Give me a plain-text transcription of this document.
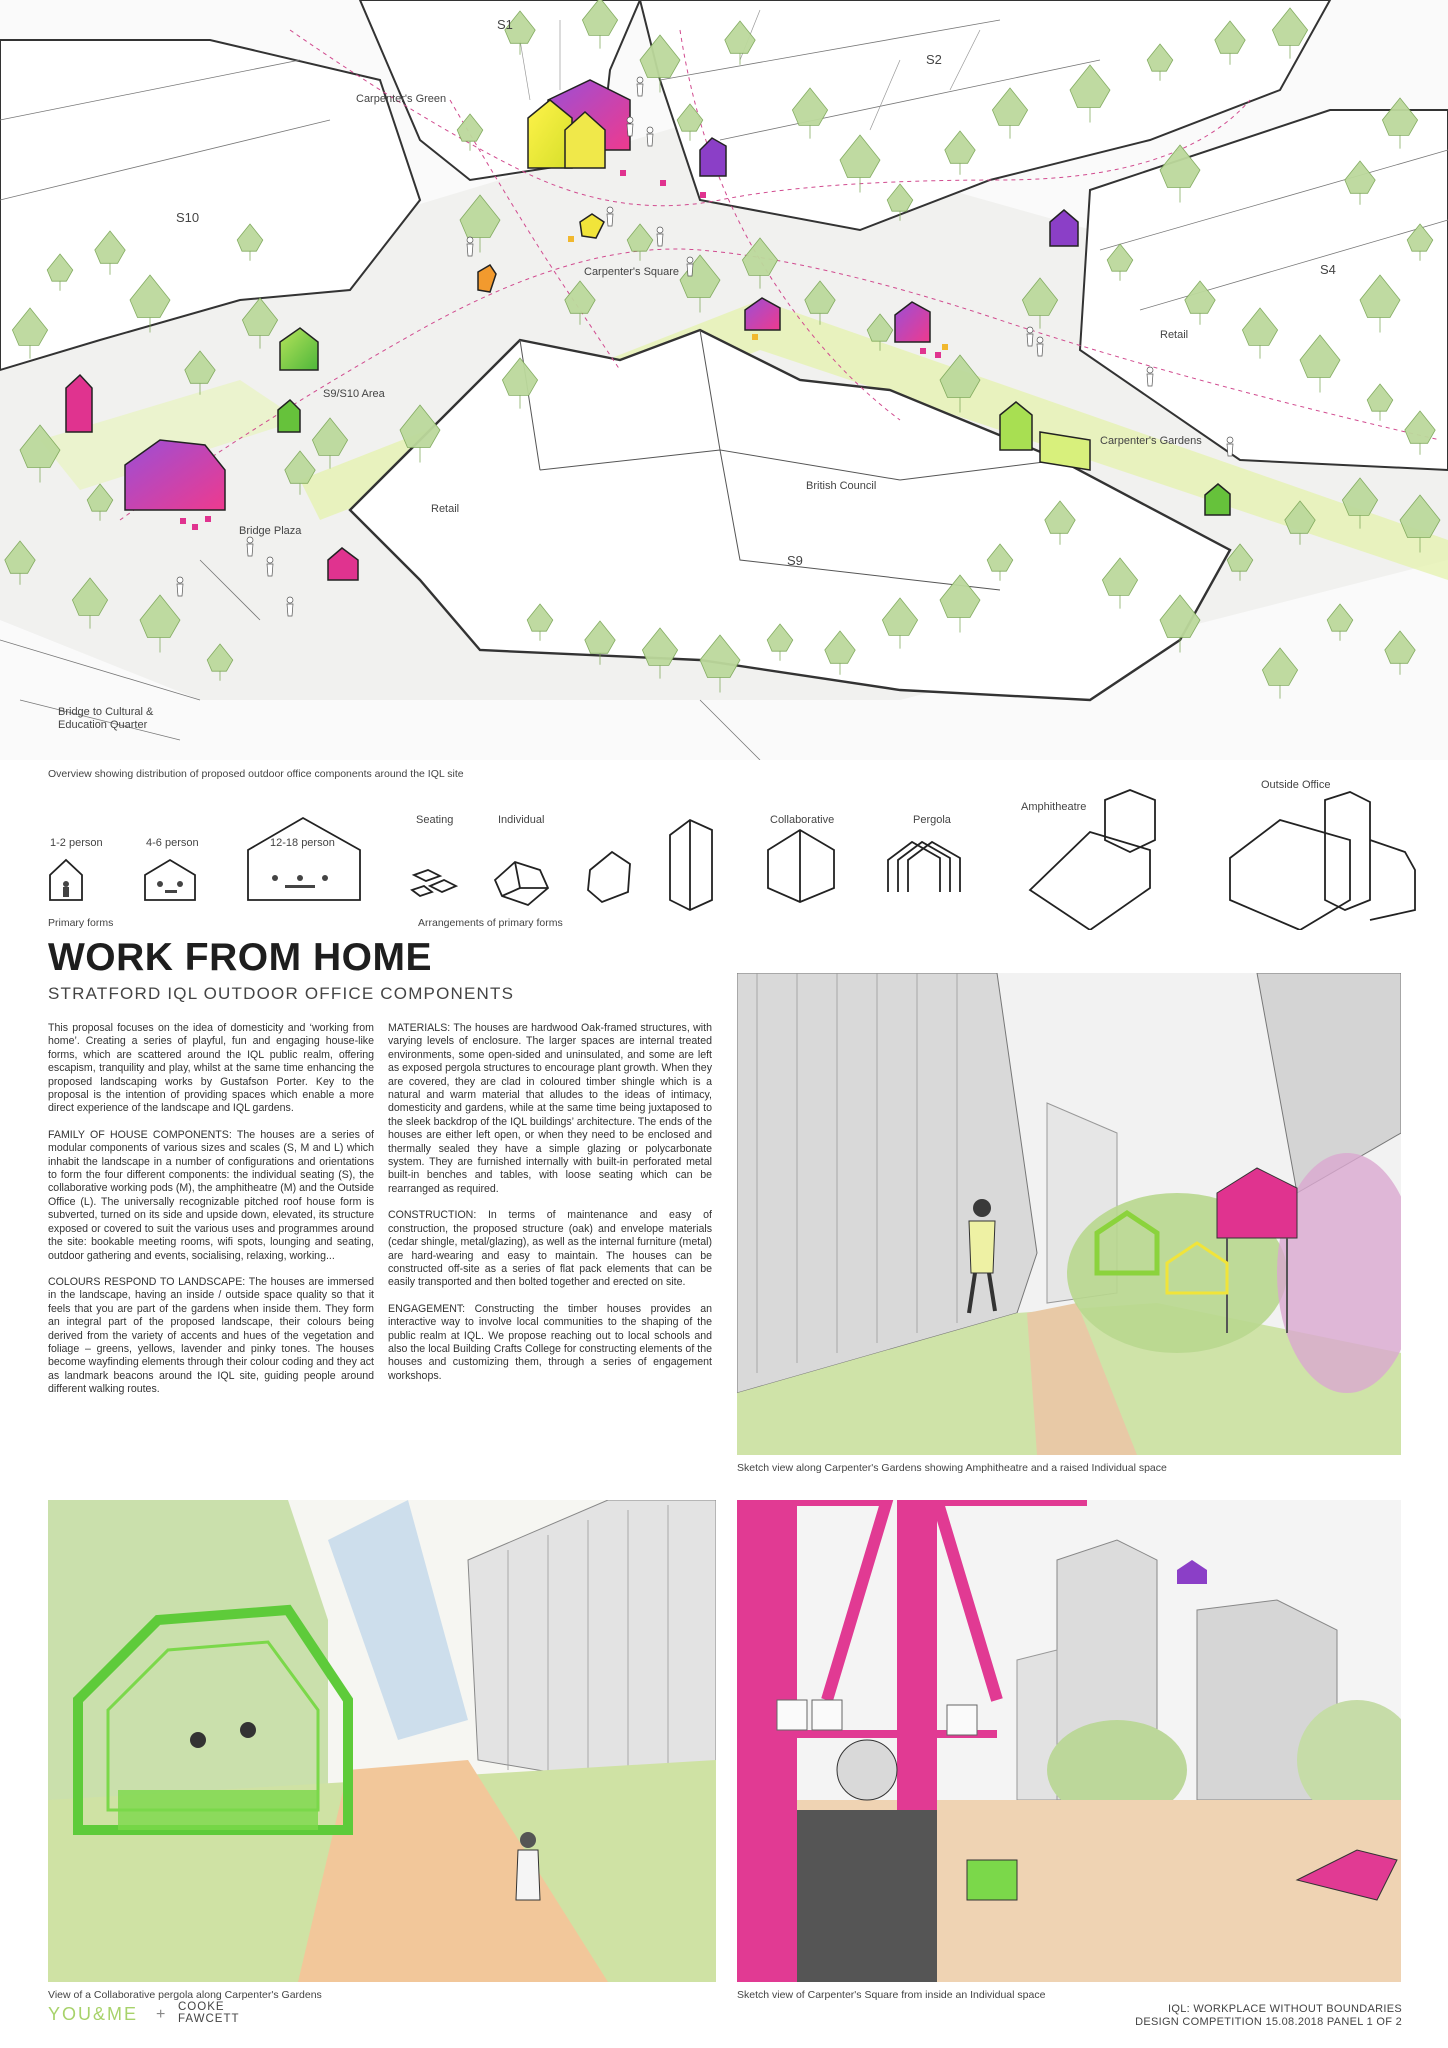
S1
S2
S10
S4
S9
Carpenter's Green
Carpenter's Square
Retail
S9/S10 Area
Carpenter's Gardens
British Council
Retail
Bridge Plaza
Bridge to Cultural &
Education Quarter
Overview showing distribution of proposed outdoor office components around the IQL site
1-2 person	4-6 person	12-18 person
Seating	Individual	Collaborative	Pergola
Amphitheatre
Outside Office
Primary forms	Arrangements of primary forms
WORK FROM HOME
STRATFORD IQL OUTDOOR OFFICE COMPONENTS

This proposal focuses on the idea of domesticity and ‘working from home’. Creating a series of playful, fun and engaging house-like forms, which are scattered around the IQL public realm, offering escapism, tranquility and play, whilst at the same time enhancing the proposed landscaping works by Gustafson Porter. Key to the proposal is the intention of providing spaces which enable a more direct experience of the landscape and IQL gardens.

FAMILY OF HOUSE COMPONENTS: The houses are a series of modular components of various sizes and scales (S, M and L) which inhabit the landscape in a number of configurations and orientations to form the four different components: the individual seating (S), the collaborative working pods (M), the amphitheatre (M) and the Outside Office (L). The universally recognizable pitched roof house form is subverted, turned on its side and upside down, elevated, its structure exposed or covered to suit the various uses and programmes around the site: bookable meeting rooms, wifi spots, lounging and seating, outdoor gathering and events, socialising, relaxing, working...

COLOURS RESPOND TO LANDSCAPE: The houses are immersed in the landscape, having an inside / outside space quality so that it feels that you are part of the gardens when inside them. They form an integral part of the proposed landscape, their colours being derived from the variety of accents and hues of the vegetation and foliage – greens, yellows, lavender and pinky tones. The houses become wayfinding elements through their colour coding and they act as landmark beacons around the IQL site, guiding people around different walking routes.

MATERIALS: The houses are hardwood Oak-framed structures, with varying levels of enclosure. The larger spaces are internal treated environments, some open-sided and uninsulated, and some are left as exposed pergola structures to encourage plant growth. When they are covered, they are clad in coloured timber shingle which is a natural and warm material that alludes to the ideas of intimacy, domesticity and gardens, while at the same time being juxtaposed to the sleek backdrop of the IQL buildings’ architecture. The ends of the houses are either left open, or when they need to be enclosed and thermally sealed they have a simple glazing or polycarbonate system. They are furnished internally with built-in perforated metal built-in benches and tables, with loose seating which can be rearranged as required.

CONSTRUCTION: In terms of maintenance and easy of construction, the proposed structure (oak) and envelope materials (cedar shingle, metal/glazing), as well as the internal furniture (metal) are hard-wearing and easy to maintain. The houses can be constructed off-site as a series of flat pack elements that can be easily transported and then bolted together and erected on site.

ENGAGEMENT: Constructing the timber houses provides an interactive way to involve local communities to the shaping of the public realm at IQL. We propose reaching out to local schools and also the local Building Crafts College for constructing elements of the houses and customizing them, through a series of engagement workshops.

Sketch view along Carpenter's Gardens showing Amphitheatre and a raised Individual space
View of a Collaborative pergola along Carpenter's Gardens	Sketch view of Carpenter's Square from inside an Individual space
YOU&ME + COOKE
FAWCETT
IQL: WORKPLACE WITHOUT BOUNDARIES
DESIGN COMPETITION 15.08.2018 PANEL 1 OF 2
